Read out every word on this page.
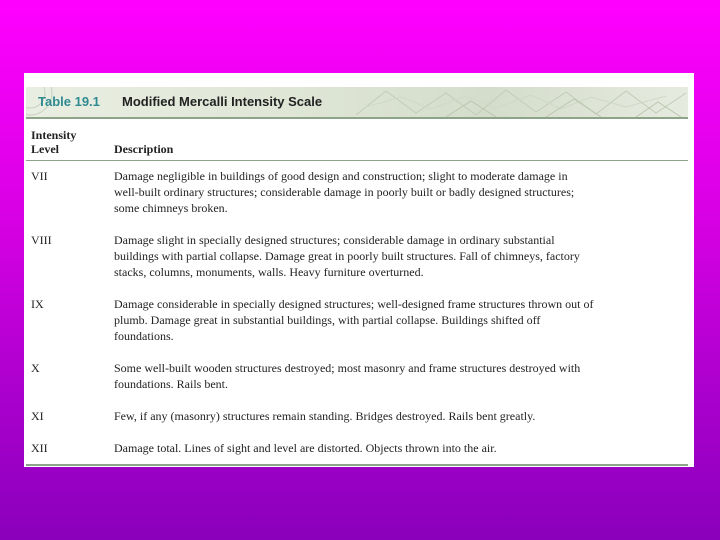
Table 19.1 Modified Mercalli Intensity Scale
Intensity
Level	Description
VII	Damage negligible in buildings of good design and construction; slight to moderate damage in
well-built ordinary structures; considerable damage in poorly built or badly designed structures;
some chimneys broken.
VIII	Damage slight in specially designed structures; considerable damage in ordinary substantial
buildings with partial collapse. Damage great in poorly built structures. Fall of chimneys, factory
stacks, columns, monuments, walls. Heavy furniture overturned.
IX	Damage considerable in specially designed structures; well-designed frame structures thrown out of
plumb. Damage great in substantial buildings, with partial collapse. Buildings shifted off
foundations.
X	Some well-built wooden structures destroyed; most masonry and frame structures destroyed with
foundations. Rails bent.
XI	Few, if any (masonry) structures remain standing. Bridges destroyed. Rails bent greatly.
XII	Damage total. Lines of sight and level are distorted. Objects thrown into the air.
